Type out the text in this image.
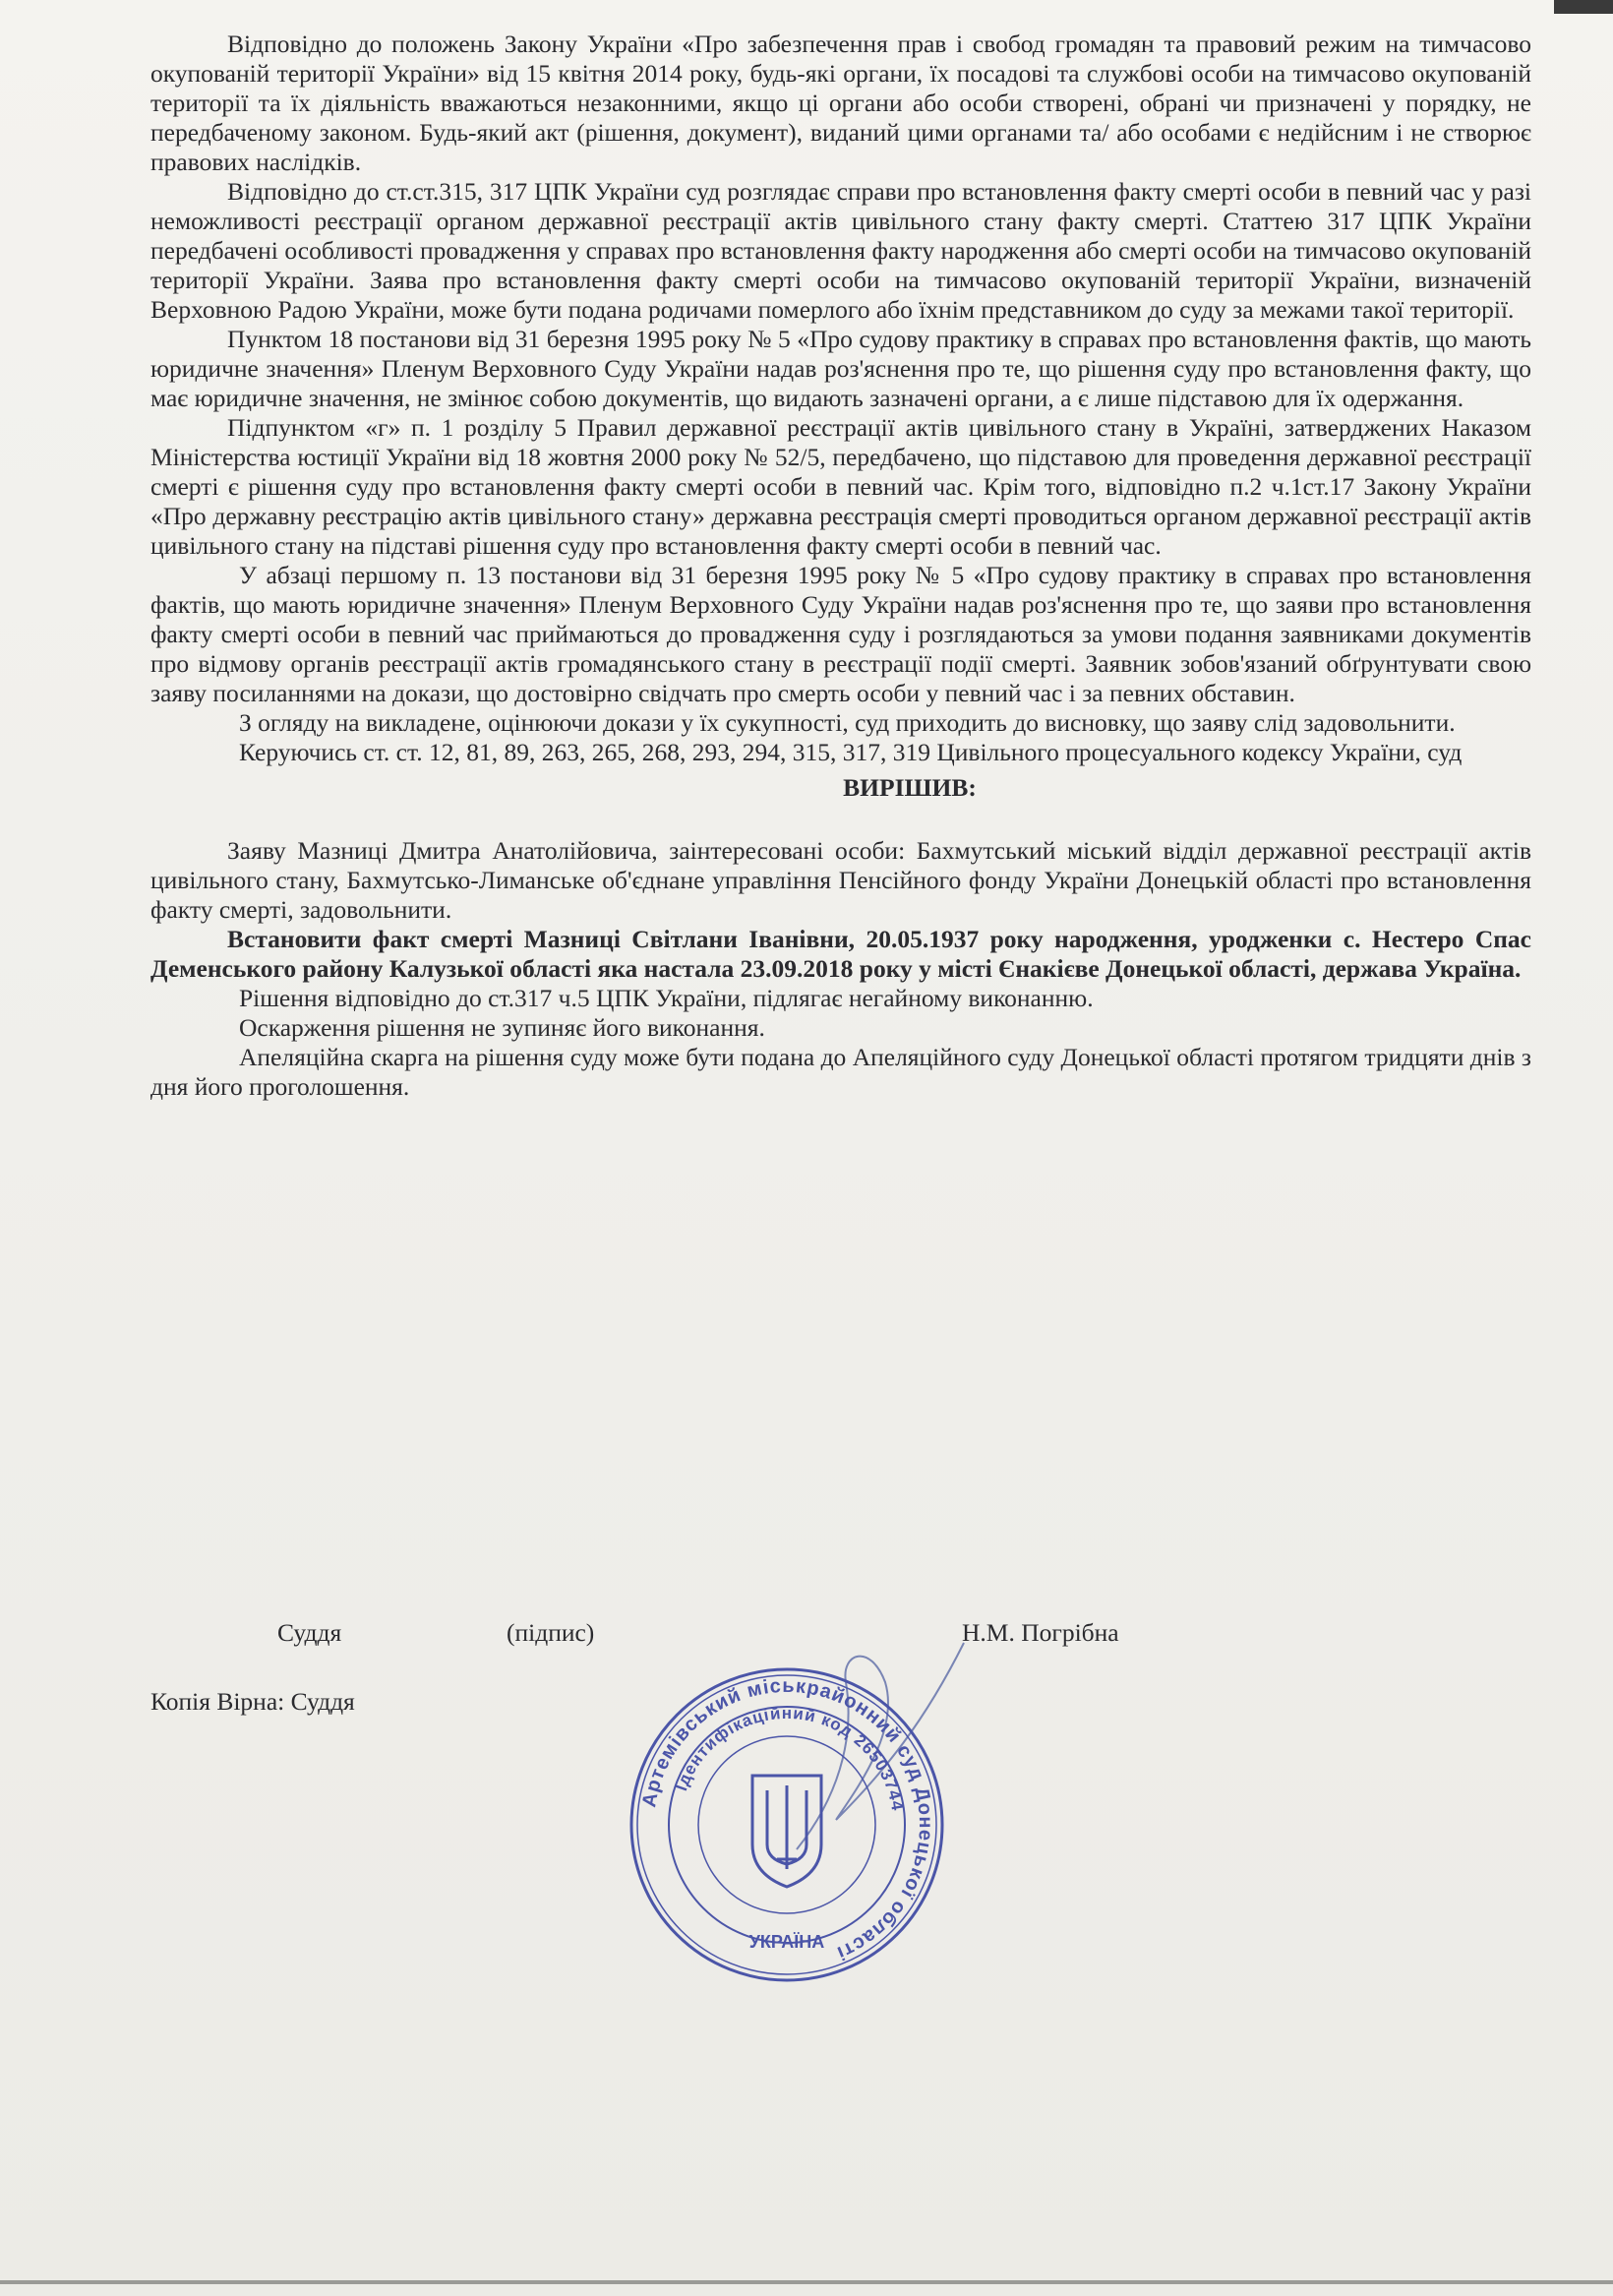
Відповідно до положень Закону України «Про забезпечення прав і свобод громадян та правовий режим на тимчасово окупованій території України» від 15 квітня 2014 року, будь-які органи, їх посадові та службові особи на тимчасово окупованій території та їх діяльність вважаються незаконними, якщо ці органи або особи створені, обрані чи призначені у порядку, не передбаченому законом. Будь-який акт (рішення, документ), виданий цими органами та/ або особами є недійсним і не створює правових наслідків.

Відповідно до ст.ст.315, 317 ЦПК України суд розглядає справи про встановлення факту смерті особи в певний час у разі неможливості реєстрації органом державної реєстрації актів цивільного стану факту смерті. Статтею 317 ЦПК України передбачені особливості провадження у справах про встановлення факту народження або смерті особи на тимчасово окупованій території України. Заява про встановлення факту смерті особи на тимчасово окупованій території України, визначеній Верховною Радою України, може бути подана родичами померлого або їхнім представником до суду за межами такої території.

Пунктом 18 постанови від 31 березня 1995 року № 5 «Про судову практику в справах про встановлення фактів, що мають юридичне значення» Пленум Верховного Суду України надав роз'яснення про те, що рішення суду про встановлення факту, що має юридичне значення, не змінює собою документів, що видають зазначені органи, а є лише підставою для їх одержання.

Підпунктом «г» п. 1 розділу 5 Правил державної реєстрації актів цивільного стану в Україні, затверджених Наказом Міністерства юстиції України від 18 жовтня 2000 року № 52/5, передбачено, що підставою для проведення державної реєстрації смерті є рішення суду про встановлення факту смерті особи в певний час. Крім того, відповідно п.2 ч.1ст.17 Закону України «Про державну реєстрацію актів цивільного стану» державна реєстрація смерті проводиться органом державної реєстрації актів цивільного стану на підставі рішення суду про встановлення факту смерті особи в певний час.

У абзаці першому п. 13 постанови від 31 березня 1995 року № 5 «Про судову практику в справах про встановлення фактів, що мають юридичне значення» Пленум Верховного Суду України надав роз'яснення про те, що заяви про встановлення факту смерті особи в певний час приймаються до провадження суду і розглядаються за умови подання заявниками документів про відмову органів реєстрації актів громадянського стану в реєстрації події смерті. Заявник зобов'язаний обґрунтувати свою заяву посиланнями на докази, що достовірно свідчать про смерть особи у певний час і за певних обставин.

З огляду на викладене, оцінюючи докази у їх сукупності, суд приходить до висновку, що заяву слід задовольнити.

Керуючись ст. ст. 12, 81, 89, 263, 265, 268, 293, 294, 315, 317, 319 Цивільного процесуального кодексу України, суд

ВИРІШИВ:

Заяву Мазниці Дмитра Анатолійовича, заінтересовані особи: Бахмутський міський відділ державної реєстрації актів цивільного стану, Бахмутсько-Лиманське об'єднане управління Пенсійного фонду України Донецькій області про встановлення факту смерті, задовольнити.

Встановити факт смерті Мазниці Світлани Іванівни, 20.05.1937 року народження, уродженки с. Нестеро Спас Деменського району Калузької області яка настала 23.09.2018 року у місті Єнакієве Донецької області, держава Україна.

Рішення відповідно до ст.317 ч.5 ЦПК України, підлягає негайному виконанню.

Оскарження рішення не зупиняє його виконання.

Апеляційна скарга на рішення суду може бути подана до Апеляційного суду Донецької області протягом тридцяти днів з дня його проголошення.

Суддя	(підпис)	Н.М. Погрібна
Копія Вірна: Суддя
Артемівський міськрайонний суд Донецької області
Ідентифікаційний код 26503744
УКРАЇНА
